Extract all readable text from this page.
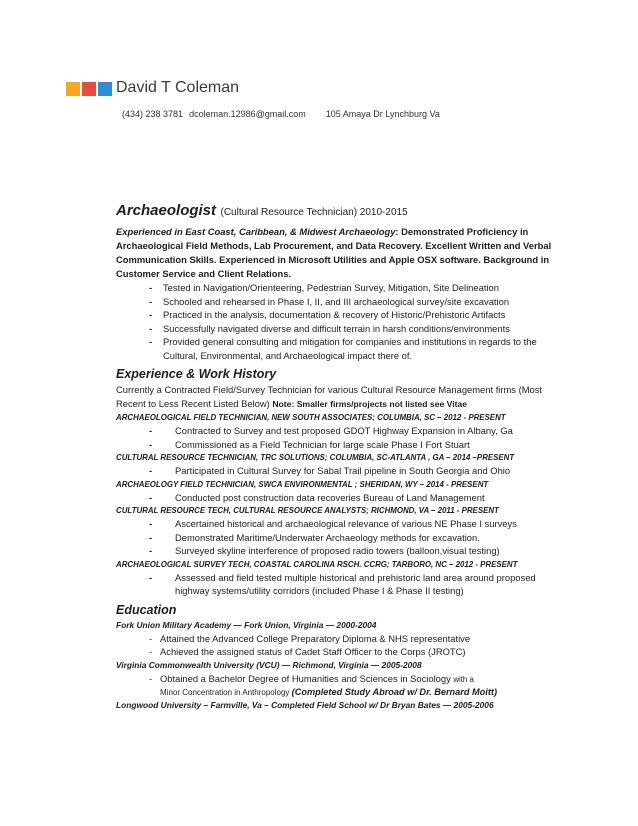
David T Coleman
(434) 238 3781 dcoleman.12986@gmail.com 105 Amaya Dr Lynchburg Va
Archaeologist (Cultural Resource Technician) 2010-2015
Experienced in East Coast, Caribbean, & Midwest Archaeology: Demonstrated Proficiency in Archaeological Field Methods, Lab Procurement, and Data Recovery. Excellent Written and Verbal Communication Skills. Experienced in Microsoft Utilities and Apple OSX software. Background in Customer Service and Client Relations.
- Tested in Navigation/Orienteering, Pedestrian Survey, Mitigation, Site Delineation
- Schooled and rehearsed in Phase I, II, and III archaeological survey/site excavation
- Practiced in the analysis, documentation & recovery of Historic/Prehistoric Artifacts
- Successfully navigated diverse and difficult terrain in harsh conditions/environments
- Provided general consulting and mitigation for companies and institutions in regards to the Cultural, Environmental, and Archaeological impact there of.
Experience & Work History
Currently a Contracted Field/Survey Technician for various Cultural Resource Management firms (Most Recent to Less Recent Listed Below) Note: Smaller firms/projects not listed see Vitae
ARCHAEOLOGICAL FIELD TECHNICIAN, NEW SOUTH ASSOCIATES; COLUMBIA, SC – 2012 - PRESENT
- Contracted to Survey and test proposed GDOT Highway Expansion in Albany, Ga
- Commissioned as a Field Technician for large scale Phase I Fort Stuart
CULTURAL RESOURCE TECHNICIAN, TRC SOLUTIONS; COLUMBIA, SC-ATLANTA , GA – 2014 –PRESENT
- Participated in Cultural Survey for Sabal Trail pipeline in South Georgia and Ohio
ARCHAEOLOGY FIELD TECHNICIAN, SWCA ENVIRONMENTAL ; SHERIDAN, WY – 2014 - PRESENT
- Conducted post construction data recoveries Bureau of Land Management
CULTURAL RESOURCE TECH, CULTURAL RESOURCE ANALYSTS; RICHMOND, VA – 2011 - PRESENT
- Ascertained historical and archaeological relevance of various NE Phase I surveys
- Demonstrated Maritime/Underwater Archaeology methods for excavation.
- Surveyed skyline interference of proposed radio towers (balloon,visual testing)
ARCHAEOLOGICAL SURVEY TECH, COASTAL CAROLINA RSCH. CCRG; TARBORO, NC – 2012 - PRESENT
- Assessed and field tested multiple historical and prehistoric land area around proposed highway systems/utility corridors (included Phase I & Phase II testing)
Education
Fork Union Military Academy — Fork Union, Virginia — 2000-2004
- Attained the Advanced College Preparatory Diploma & NHS representative
- Achieved the assigned status of Cadet Staff Officer to the Corps (JROTC)
Virginia Commonwealth University (VCU) — Richmond, Virginia — 2005-2008
- Obtained a Bachelor Degree of Humanities and Sciences in Sociology with a
Minor Concentration in Anthropology (Completed Study Abroad w/ Dr. Bernard Moitt)
Longwood University – Farmville, Va – Completed Field School w/ Dr Bryan Bates — 2005-2006
